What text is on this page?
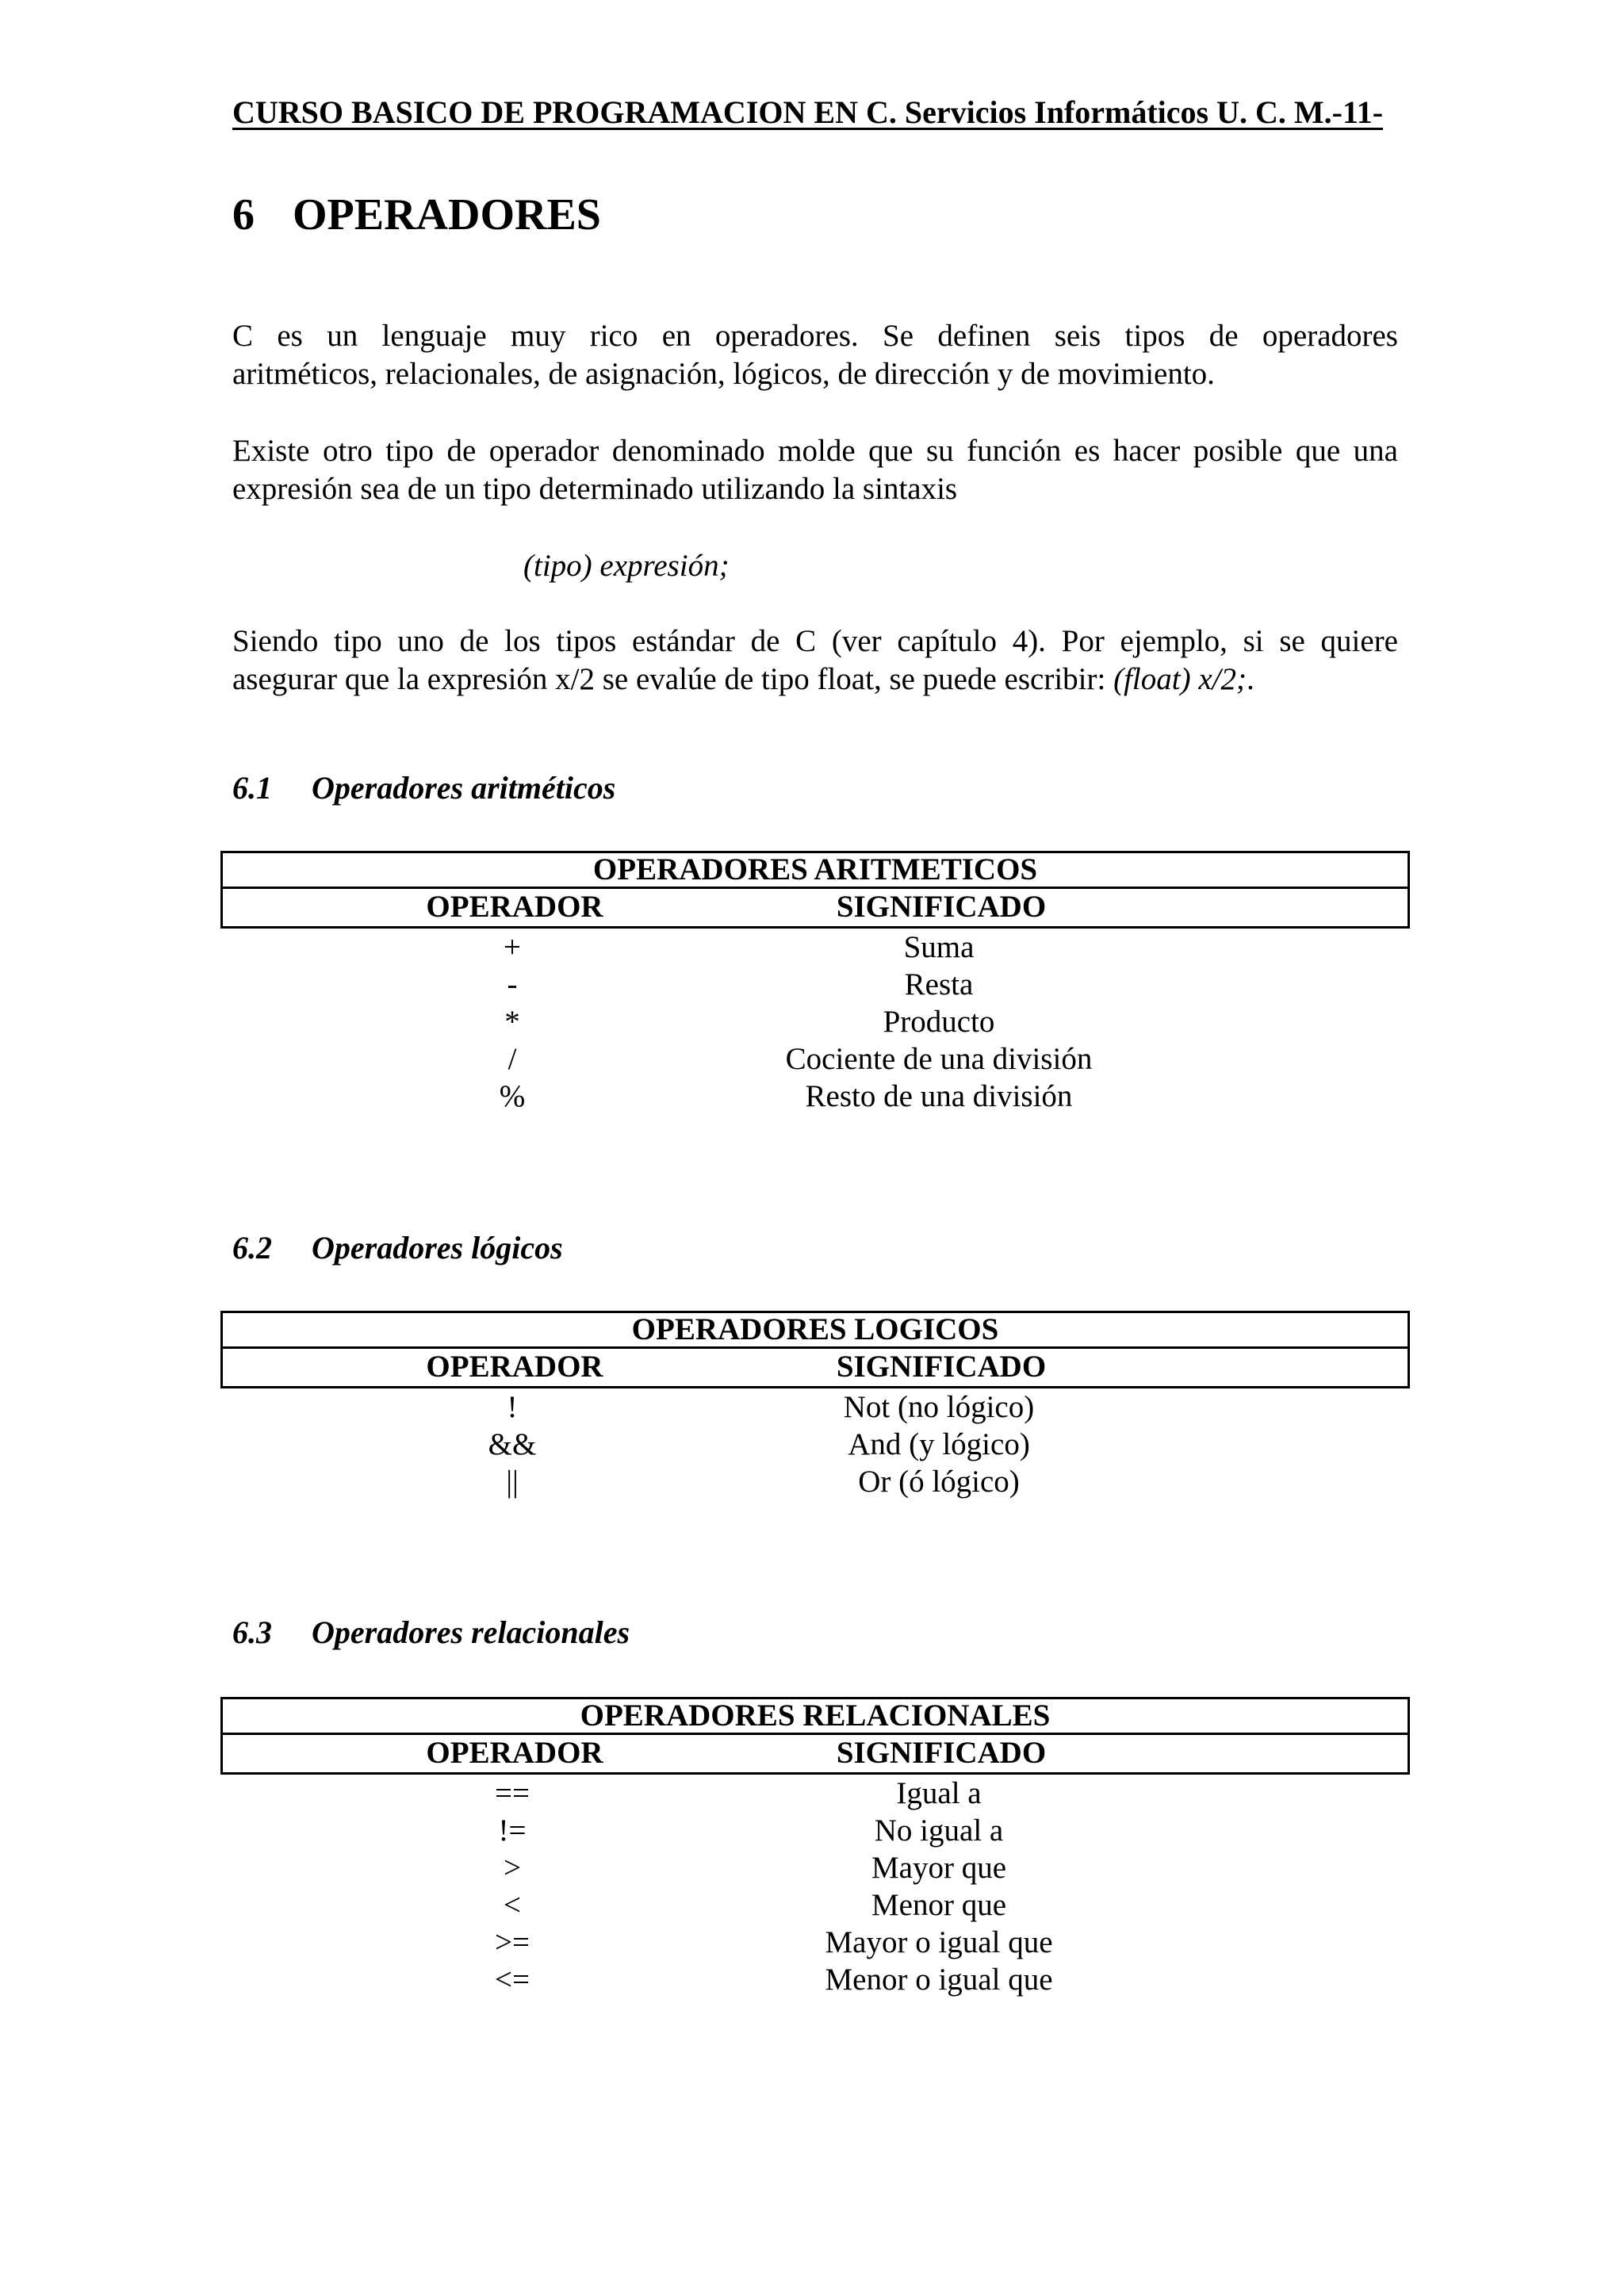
CURSO BASICO DE PROGRAMACION EN C. Servicios Informáticos U. C. M.-11-
6 OPERADORES
C es un lenguaje muy rico en operadores. Se definen seis tipos de operadores
aritméticos, relacionales, de asignación, lógicos, de dirección y de movimiento.
Existe otro tipo de operador denominado molde que su función es hacer posible que una
expresión sea de un tipo determinado utilizando la sintaxis
(tipo) expresión;
Siendo tipo uno de los tipos estándar de C (ver capítulo 4). Por ejemplo, si se quiere
asegurar que la expresión x/2 se evalúe de tipo float, se puede escribir: (float) x/2;.
6.1 Operadores aritméticos
OPERADORES ARITMETICOS
OPERADOR	SIGNIFICADO
+	Suma
-	Resta
*	Producto
/	Cociente de una división
%	Resto de una división
6.2 Operadores lógicos
OPERADORES LOGICOS
OPERADOR	SIGNIFICADO
!	Not (no lógico)
&&	And (y lógico)
||	Or (ó lógico)
6.3 Operadores relacionales
OPERADORES RELACIONALES
OPERADOR	SIGNIFICADO
==	Igual a
!=	No igual a
>	Mayor que
<	Menor que
>=	Mayor o igual que
<=	Menor o igual que
